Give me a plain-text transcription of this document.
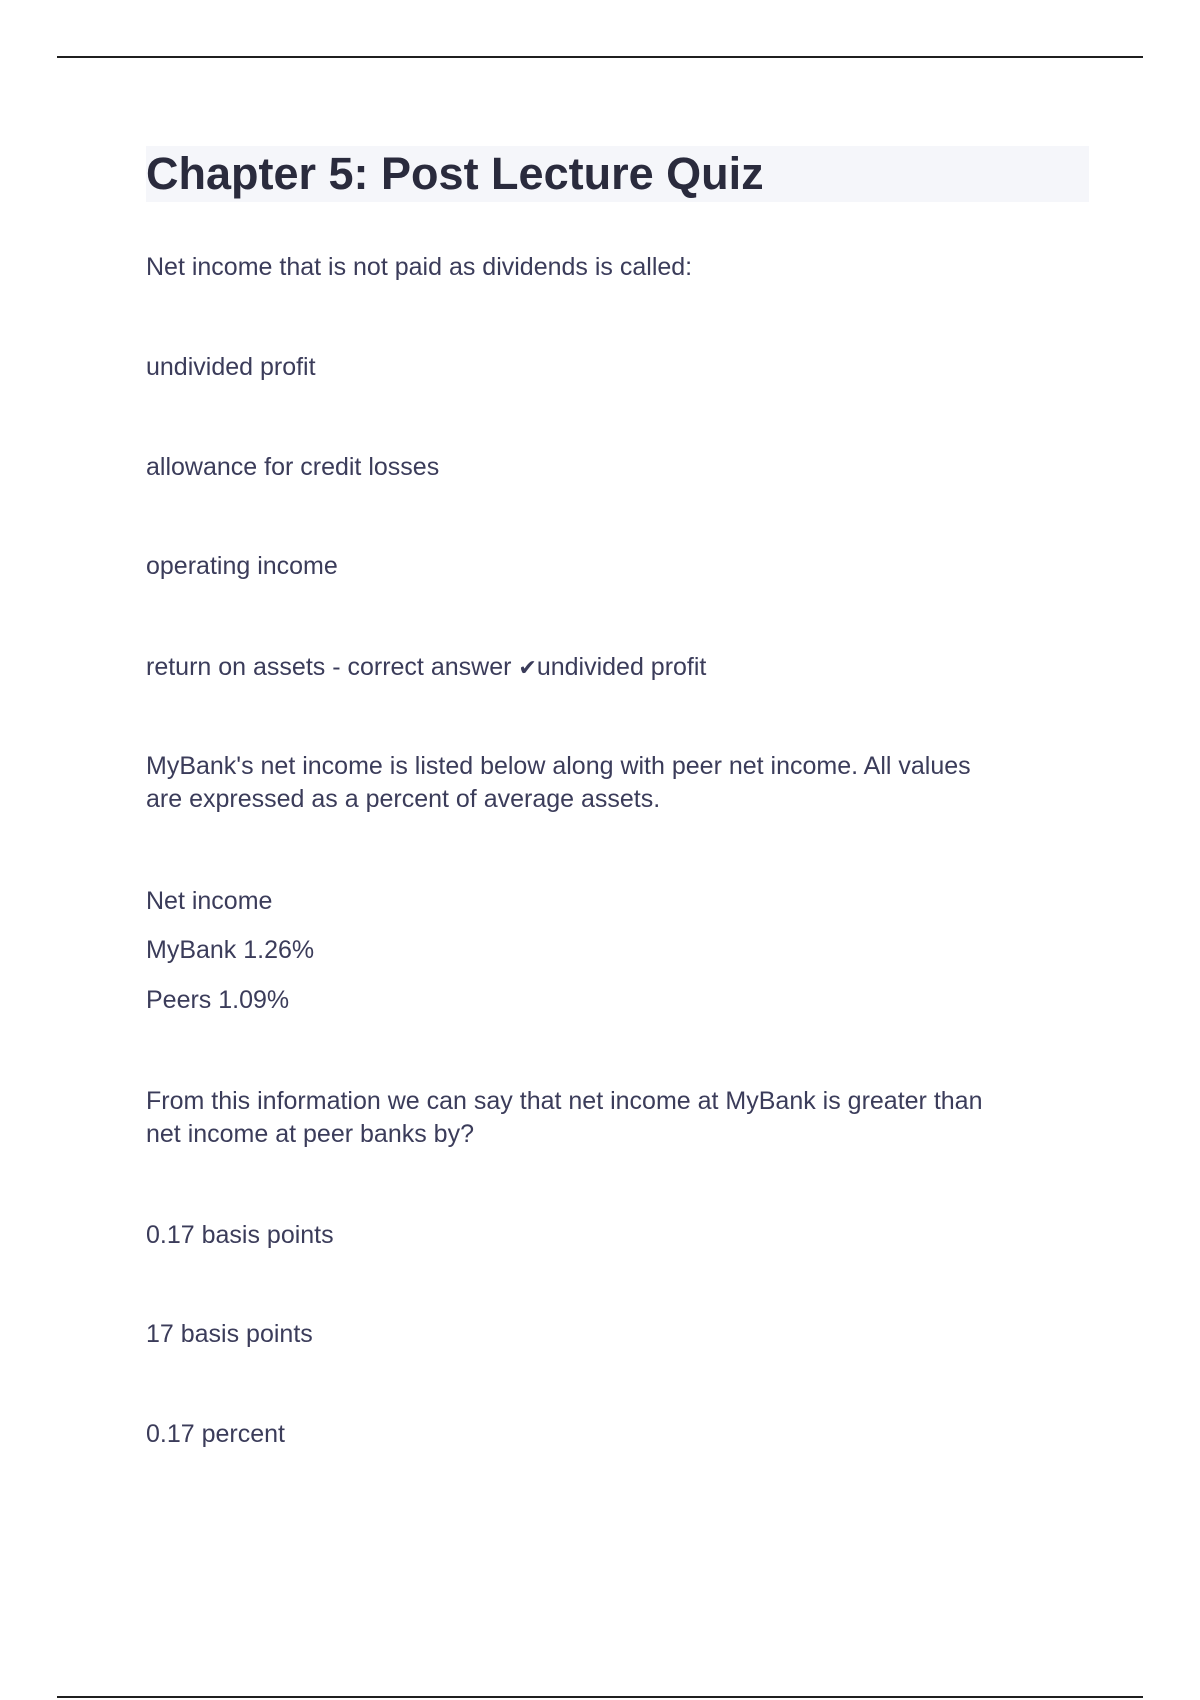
Chapter 5: Post Lecture Quiz

Net income that is not paid as dividends is called:

undivided profit

allowance for credit losses

operating income

return on assets - correct answer ✔undivided profit

MyBank's net income is listed below along with peer net income. All values

are expressed as a percent of average assets.

Net income

MyBank 1.26%

Peers 1.09%

From this information we can say that net income at MyBank is greater than

net income at peer banks by?

0.17 basis points

17 basis points

0.17 percent
